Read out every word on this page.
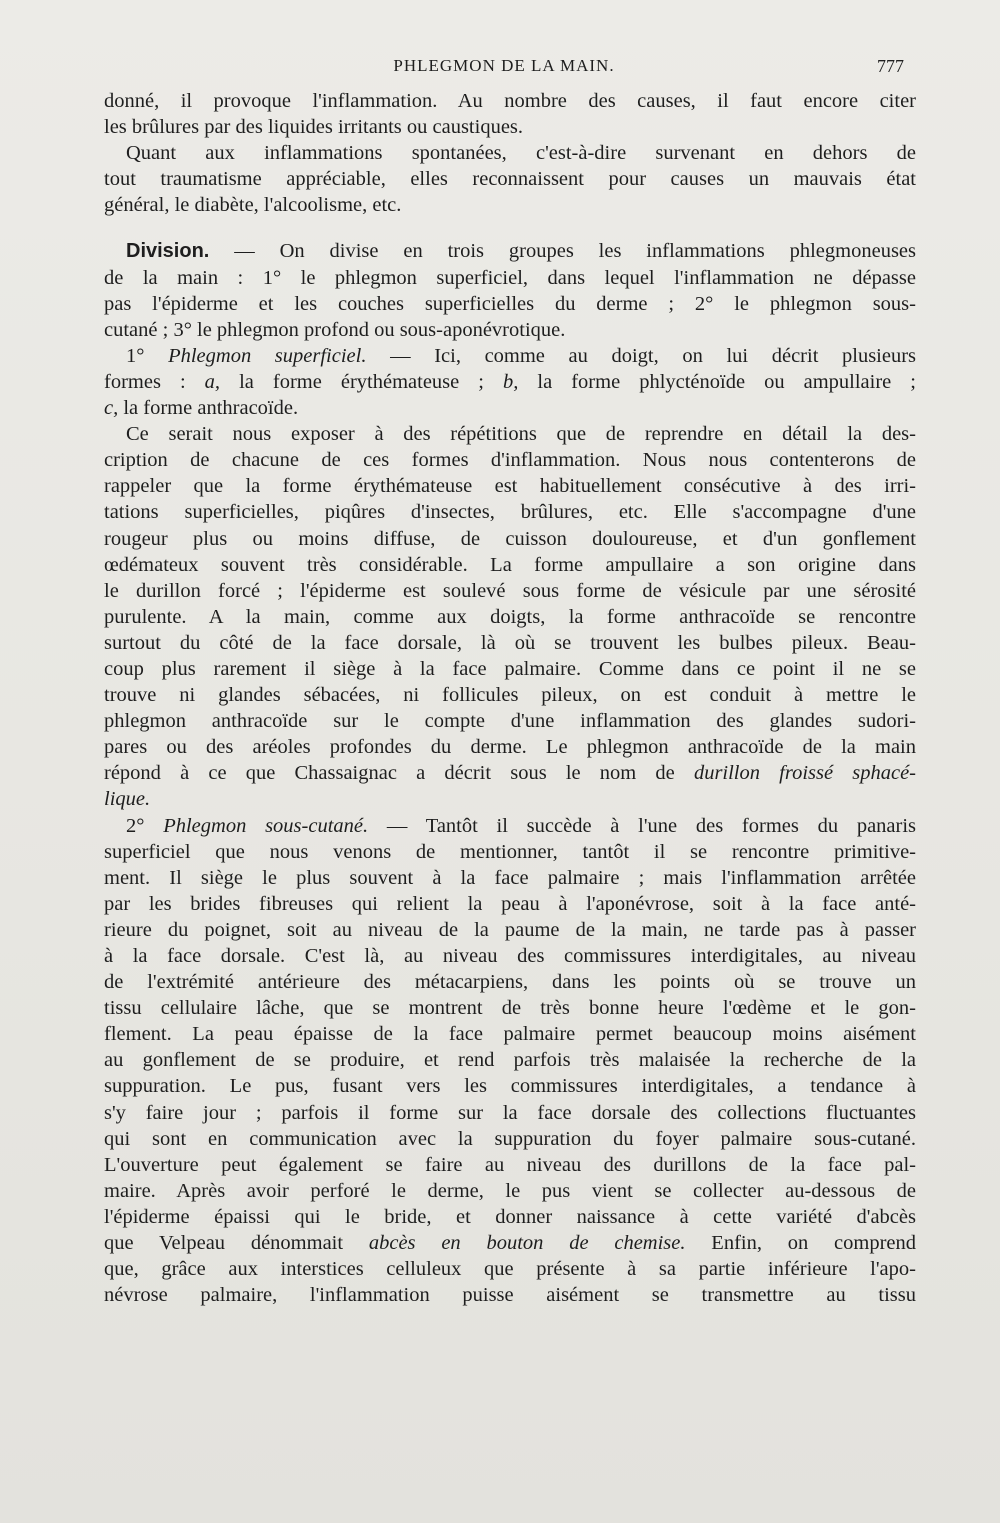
PHLEGMON DE LA MAIN.	777
donné, il provoque l'inflammation. Au nombre des causes, il faut encore citer
les brûlures par des liquides irritants ou caustiques.
Quant aux inflammations spontanées, c'est-à-dire survenant en dehors de
tout traumatisme appréciable, elles reconnaissent pour causes un mauvais état
général, le diabète, l'alcoolisme, etc.
Division. — On divise en trois groupes les inflammations phlegmoneuses
de la main : 1° le phlegmon superficiel, dans lequel l'inflammation ne dépasse
pas l'épiderme et les couches superficielles du derme ; 2° le phlegmon sous-
cutané ; 3° le phlegmon profond ou sous-aponévrotique.
1° Phlegmon superficiel. — Ici, comme au doigt, on lui décrit plusieurs
formes : a, la forme érythémateuse ; b, la forme phlycténoïde ou ampullaire ;
c, la forme anthracoïde.
Ce serait nous exposer à des répétitions que de reprendre en détail la des-
cription de chacune de ces formes d'inflammation. Nous nous contenterons de
rappeler que la forme érythémateuse est habituellement consécutive à des irri-
tations superficielles, piqûres d'insectes, brûlures, etc. Elle s'accompagne d'une
rougeur plus ou moins diffuse, de cuisson douloureuse, et d'un gonflement
œdémateux souvent très considérable. La forme ampullaire a son origine dans
le durillon forcé ; l'épiderme est soulevé sous forme de vésicule par une sérosité
purulente. A la main, comme aux doigts, la forme anthracoïde se rencontre
surtout du côté de la face dorsale, là où se trouvent les bulbes pileux. Beau-
coup plus rarement il siège à la face palmaire. Comme dans ce point il ne se
trouve ni glandes sébacées, ni follicules pileux, on est conduit à mettre le
phlegmon anthracoïde sur le compte d'une inflammation des glandes sudori-
pares ou des aréoles profondes du derme. Le phlegmon anthracoïde de la main
répond à ce que Chassaignac a décrit sous le nom de durillon froissé sphacé-
lique.
2° Phlegmon sous-cutané. — Tantôt il succède à l'une des formes du panaris
superficiel que nous venons de mentionner, tantôt il se rencontre primitive-
ment. Il siège le plus souvent à la face palmaire ; mais l'inflammation arrêtée
par les brides fibreuses qui relient la peau à l'aponévrose, soit à la face anté-
rieure du poignet, soit au niveau de la paume de la main, ne tarde pas à passer
à la face dorsale. C'est là, au niveau des commissures interdigitales, au niveau
de l'extrémité antérieure des métacarpiens, dans les points où se trouve un
tissu cellulaire lâche, que se montrent de très bonne heure l'œdème et le gon-
flement. La peau épaisse de la face palmaire permet beaucoup moins aisément
au gonflement de se produire, et rend parfois très malaisée la recherche de la
suppuration. Le pus, fusant vers les commissures interdigitales, a tendance à
s'y faire jour ; parfois il forme sur la face dorsale des collections fluctuantes
qui sont en communication avec la suppuration du foyer palmaire sous-cutané.
L'ouverture peut également se faire au niveau des durillons de la face pal-
maire. Après avoir perforé le derme, le pus vient se collecter au-dessous de
l'épiderme épaissi qui le bride, et donner naissance à cette variété d'abcès
que Velpeau dénommait abcès en bouton de chemise. Enfin, on comprend
que, grâce aux interstices celluleux que présente à sa partie inférieure l'apo-
névrose palmaire, l'inflammation puisse aisément se transmettre au tissu
